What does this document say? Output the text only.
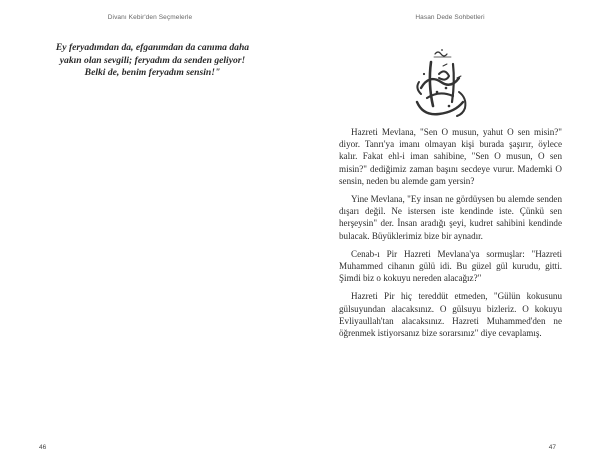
Divanı Kebir'den Seçmelerle
Ey feryadımdan da, efganımdan da canıma daha
yakın olan sevgili; feryadım da senden geliyor!
Belki de, benim feryadım sensin!"
46
Hasan Dede Sohbetleri

Hazreti Mevlana, "Sen O musun, yahut O sen misin?" diyor. Tanrı'ya imanı olmayan kişi burada şaşırır, öylece kalır. Fakat ehl-i iman sahibine, "Sen O musun, O sen misin?" dediğimiz zaman başını secdeye vurur. Mademki O sensin, neden bu alemde gam yersin?

Yine Mevlana, "Ey insan ne gördüysen bu alemde senden dışarı değil. Ne istersen iste kendinde iste. Çünkü sen herşeysin" der. İnsan aradığı şeyi, kudret sahibini kendinde bulacak. Büyüklerimiz bize bir aynadır.

Cenab-ı Pir Hazreti Mevlana'ya sormuşlar: "Hazreti Muhammed cihanın gülü idi. Bu güzel gül kurudu, gitti. Şimdi biz o kokuyu nereden alacağız?"

Hazreti Pir hiç tereddüt etmeden, "Gülün kokusunu gülsuyundan alacaksınız. O gülsuyu bizleriz. O kokuyu Evliyaullah'tan alacaksınız. Hazreti Muhammed'den ne öğrenmek istiyorsanız bize sorarsınız" diye cevaplamış.

47
